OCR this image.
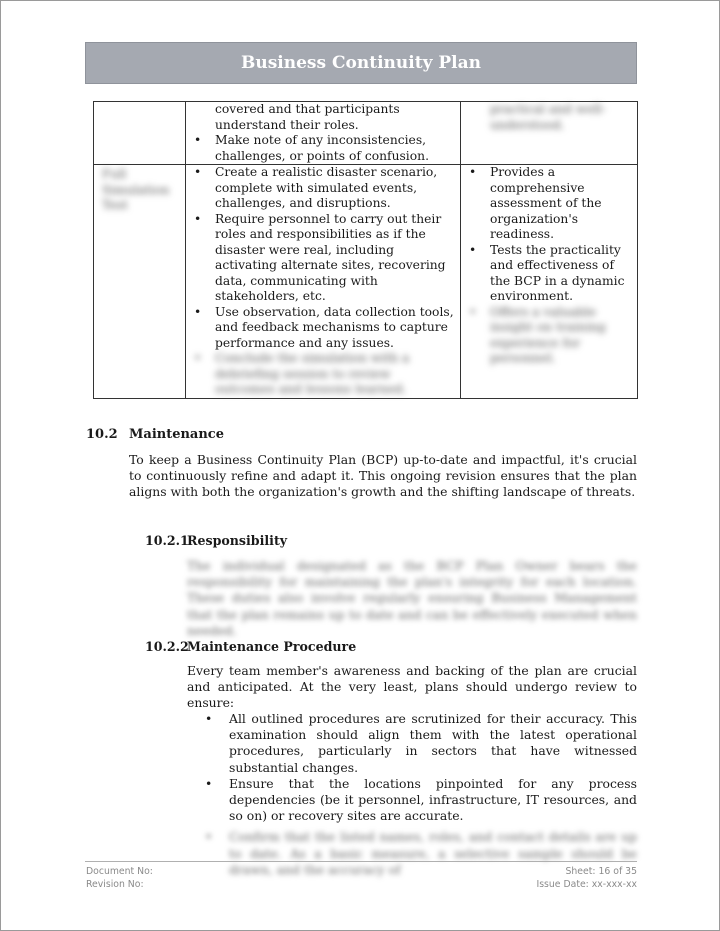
Business Continuity Plan

covered and that participants understand their roles.
• Make note of any inconsistencies, challenges, or points of confusion.

practical and well-understood.

Full Simulation Test

• Create a realistic disaster scenario, complete with simulated events, challenges, and disruptions.
• Require personnel to carry out their roles and responsibilities as if the disaster were real, including activating alternate sites, recovering data, communicating with stakeholders, etc.
• Use observation, data collection tools, and feedback mechanisms to capture performance and any issues.
• Conclude the simulation with a debriefing session to review outcomes and lessons learned.

• Provides a comprehensive assessment of the organization's readiness.
• Tests the practicality and effectiveness of the BCP in a dynamic environment.
• Offers a valuable insight on training experience for personnel.
10.2 Maintenance

To keep a Business Continuity Plan (BCP) up-to-date and impactful, it's crucial to continuously refine and adapt it. This ongoing revision ensures that the plan aligns with both the organization's growth and the shifting landscape of threats.

10.2.1
Responsibility

The individual designated as the BCP Plan Owner bears the responsibility for maintaining the plan's integrity for each location. These duties also involve regularly ensuring Business Management that the plan remains up to date and can be effectively executed when needed.

10.2.2
Maintenance Procedure

Every team member's awareness and backing of the plan are crucial and anticipated. At the very least, plans should undergo review to ensure:

• All outlined procedures are scrutinized for their accuracy. This examination should align them with the latest operational procedures, particularly in sectors that have witnessed substantial changes.
• Ensure that the locations pinpointed for any process dependencies (be it personnel, infrastructure, IT resources, and so on) or recovery sites are accurate.
• Confirm that the listed names, roles, and contact details are up to date. As a basic measure, a selective sample should be drawn, and the accuracy of
Document No:
Revision No:
Sheet: 16 of 35
Issue Date: xx-xxx-xx
